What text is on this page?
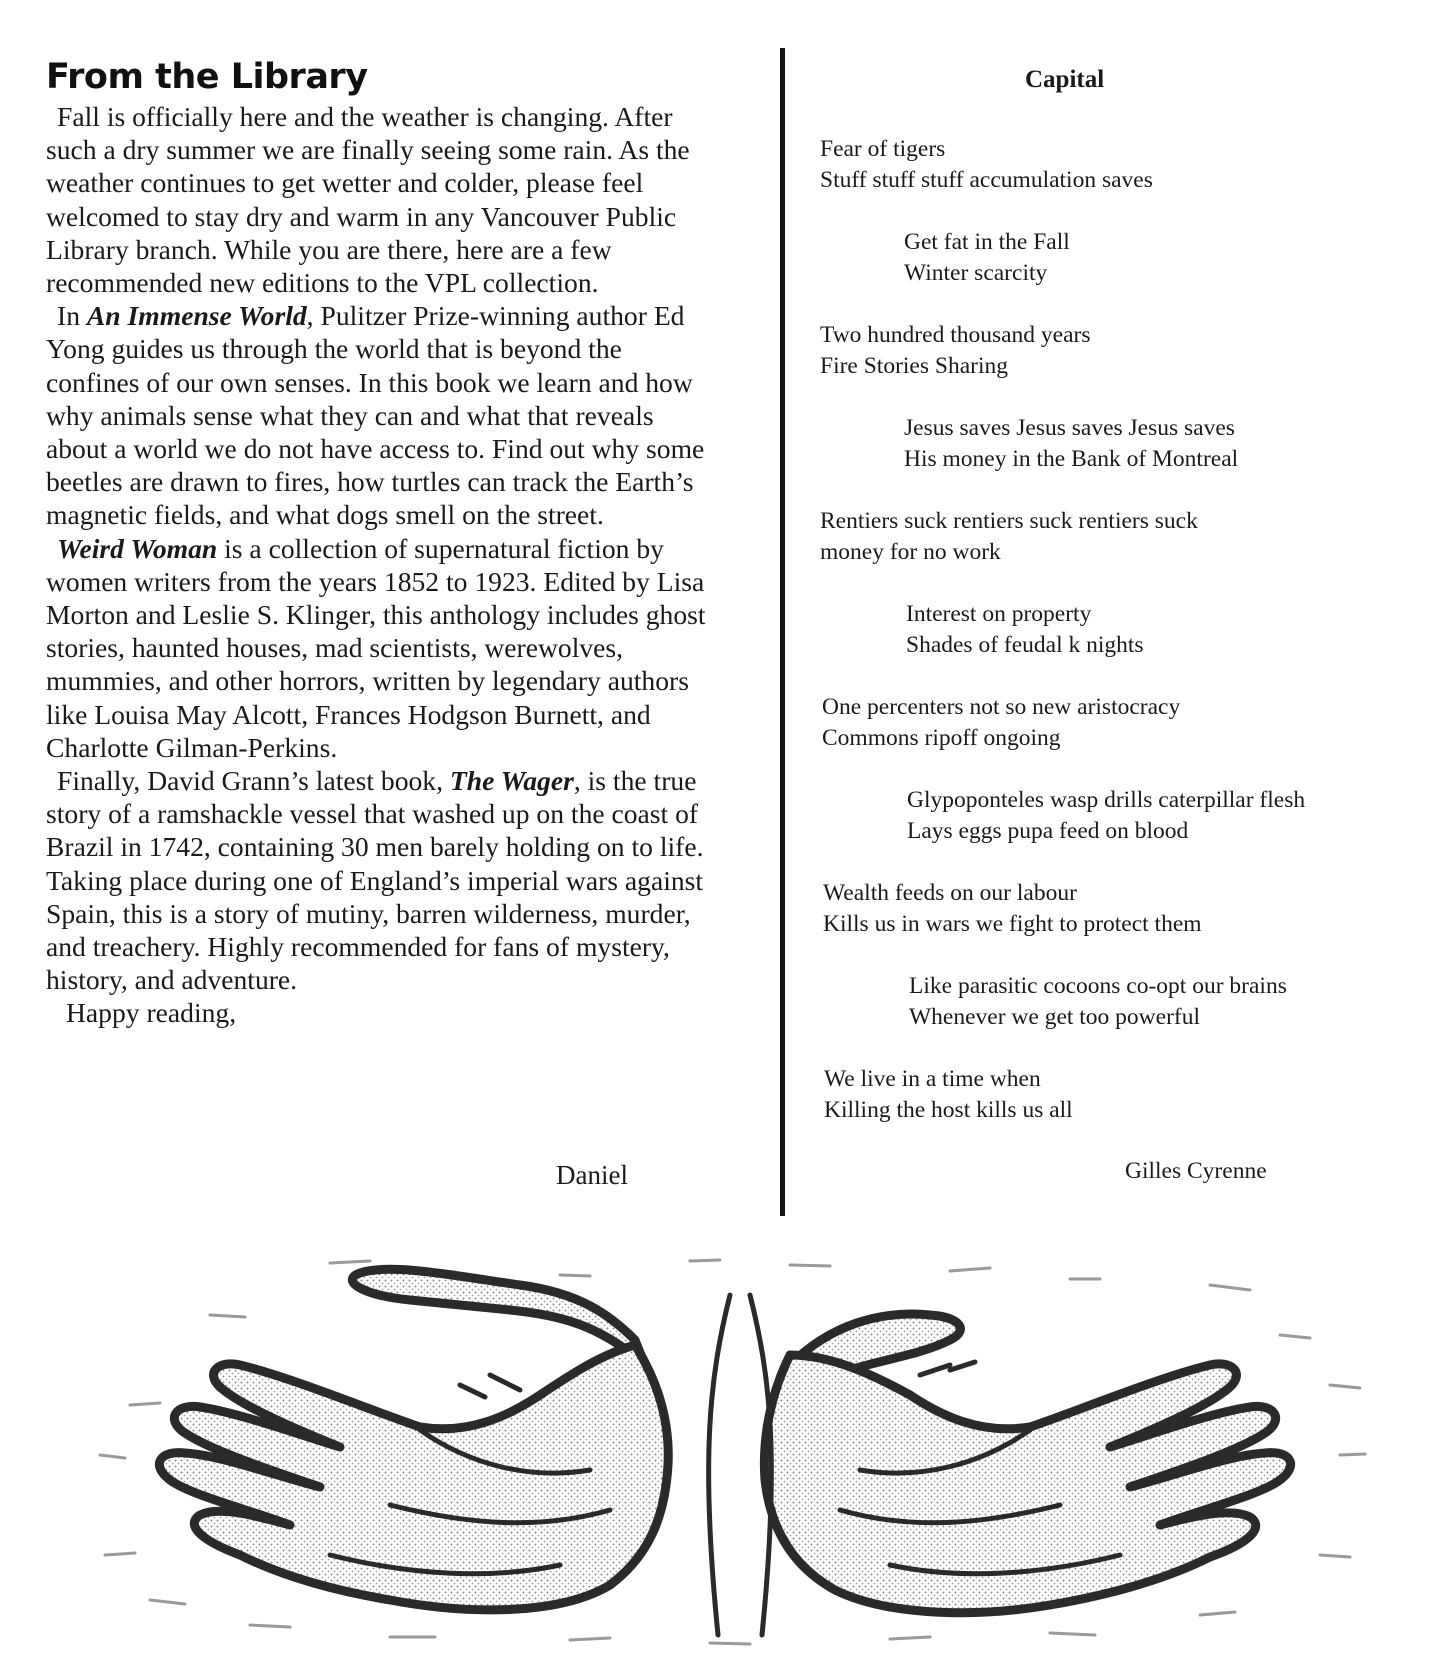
From the Library

Fall is officially here and the weather is changing. After such a dry summer we are finally seeing some rain. As the weather continues to get wetter and colder, please feel welcomed to stay dry and warm in any Vancouver Public Library branch. While you are there, here are a few recommended new editions to the VPL collection.

In An Immense World, Pulitzer Prize-winning author Ed Yong guides us through the world that is beyond the confines of our own senses. In this book we learn and how why animals sense what they can and what that reveals about a world we do not have access to. Find out why some beetles are drawn to fires, how turtles can track the Earth’s magnetic fields, and what dogs smell on the street.

Weird Woman is a collection of supernatural fiction by women writers from the years 1852 to 1923. Edited by Lisa Morton and Leslie S. Klinger, this anthology includes ghost stories, haunted houses, mad scientists, werewolves, mummies, and other horrors, written by legendary authors like Louisa May Alcott, Frances Hodgson Burnett, and Charlotte Gilman-Perkins.

Finally, David Grann’s latest book, The Wager, is the true story of a ramshackle vessel that washed up on the coast of Brazil in 1742, containing 30 men barely holding on to life. Taking place during one of England’s imperial wars against Spain, this is a story of mutiny, barren wilderness, murder, and treachery. Highly recommended for fans of mystery, history, and adventure.

Happy reading,

Daniel
Capital
Fear of tigers
Stuff stuff stuff accumulation saves
Get fat in the Fall
Winter scarcity
Two hundred thousand years
Fire Stories Sharing
Jesus saves Jesus saves Jesus saves
His money in the Bank of Montreal
Rentiers suck rentiers suck rentiers suck
money for no work
Interest on property
Shades of feudal k nights
One percenters not so new aristocracy
Commons ripoff ongoing
Glypoponteles wasp drills caterpillar flesh
Lays eggs pupa feed on blood
Wealth feeds on our labour
Kills us in wars we fight to protect them
Like parasitic cocoons co-opt our brains
Whenever we get too powerful
We live in a time when
Killing the host kills us all
Gilles Cyrenne
